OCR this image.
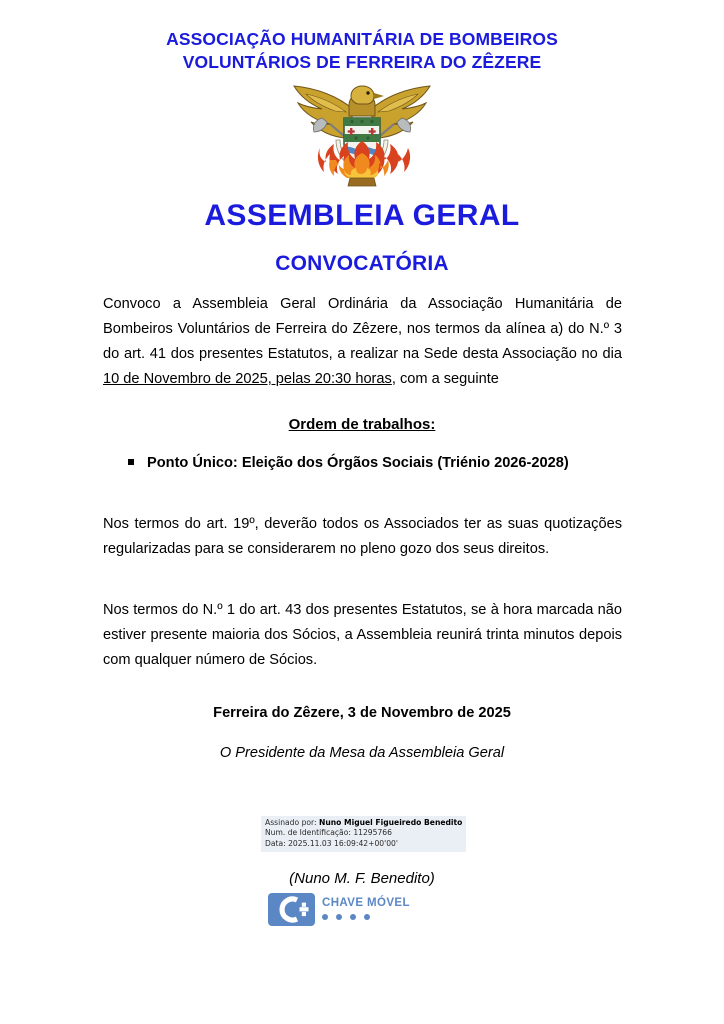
ASSOCIAÇÃO HUMANITÁRIA DE BOMBEIROS
VOLUNTÁRIOS DE FERREIRA DO ZÊZERE
ASSEMBLEIA GERAL
CONVOCATÓRIA
Convoco a Assembleia Geral Ordinária da Associação Humanitária de Bombeiros Voluntários de Ferreira do Zêzere, nos termos da alínea a) do N.º 3 do art. 41 dos presentes Estatutos, a realizar na Sede desta Associação no dia 10 de Novembro de 2025, pelas 20:30 horas, com a seguinte
Ordem de trabalhos:
Ponto Único: Eleição dos Órgãos Sociais (Triénio 2026-2028)
Nos termos do art. 19º, deverão todos os Associados ter as suas quotizações regularizadas para se considerarem no pleno gozo dos seus direitos.
Nos termos do N.º 1 do art. 43 dos presentes Estatutos, se à hora marcada não estiver presente maioria dos Sócios, a Assembleia reunirá trinta minutos depois com qualquer número de Sócios.
Ferreira do Zêzere, 3 de Novembro de 2025
O Presidente da Mesa da Assembleia Geral
Assinado por: Nuno Miguel Figueiredo Benedito
Num. de Identificação: 11295766
Data: 2025.11.03 16:09:42+00'00'
(Nuno M. F. Benedito)
CHAVE MÓVEL
